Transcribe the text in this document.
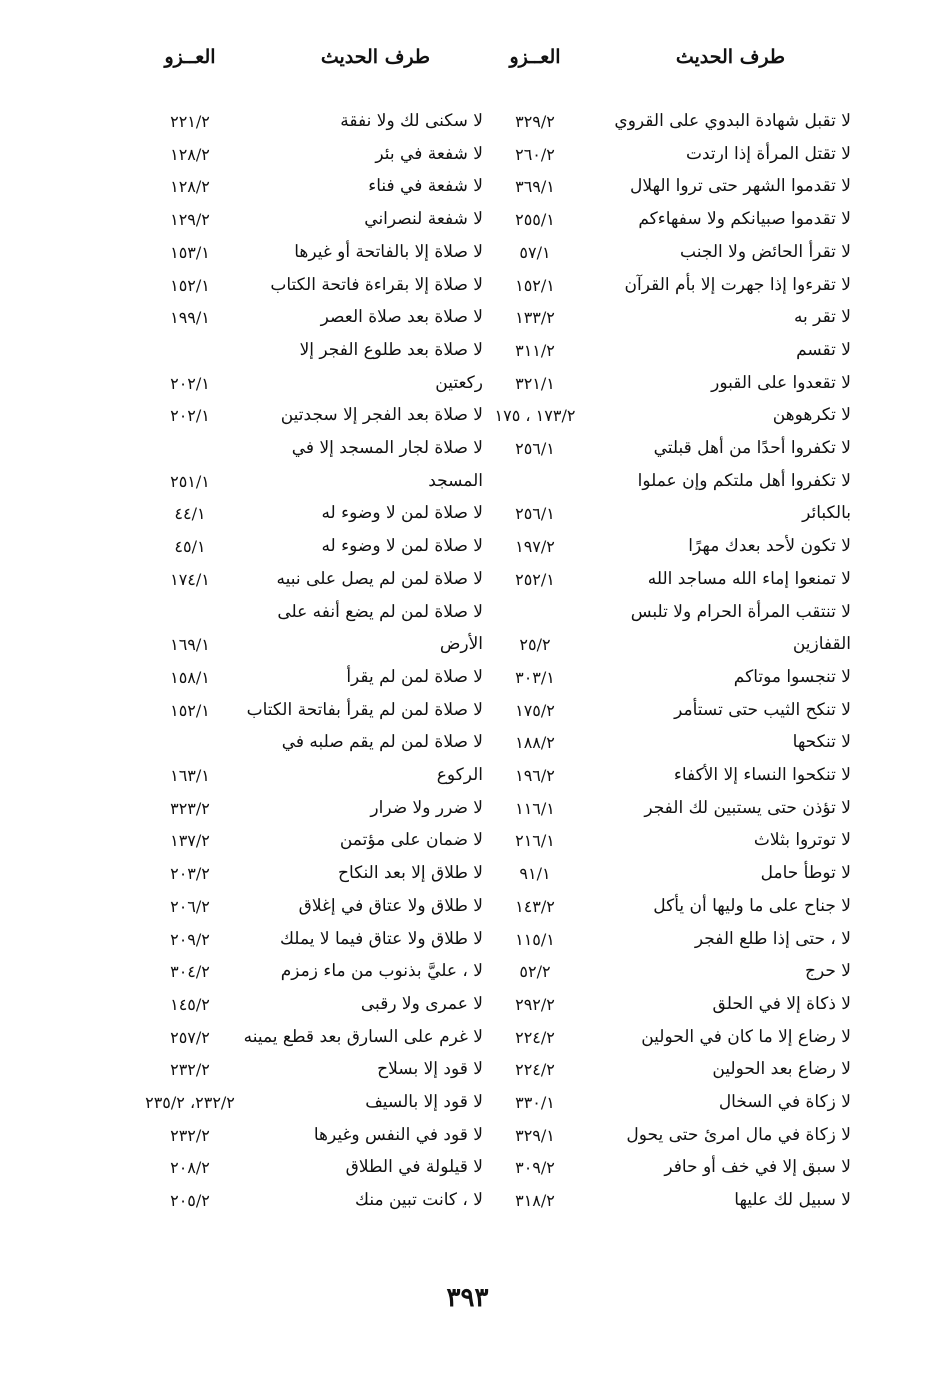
طرف الحديث
العــزو
طرف الحديث
العــزو
لا تقبل شهادة البدوي على القروي
٣٢٩/٢
لا سكنى لك ولا نفقة
٢٢١/٢
لا تقتل المرأة إذا ارتدت
٢٦٠/٢
لا شفعة في بئر
١٢٨/٢
لا تقدموا الشهر حتى تروا الهلال
٣٦٩/١
لا شفعة في فناء
١٢٨/٢
لا تقدموا صبيانكم ولا سفهاءكم
٢٥٥/١
لا شفعة لنصراني
١٢٩/٢
لا تقرأ الحائض ولا الجنب
٥٧/١
لا صلاة إلا بالفاتحة أو غيرها
١٥٣/١
لا تقرءوا إذا جهرت إلا بأم القرآن
١٥٢/١
لا صلاة إلا بقراءة فاتحة الكتاب
١٥٢/١
لا تقر به
١٣٣/٢
لا صلاة بعد صلاة العصر
١٩٩/١
لا تقسم
٣١١/٢
لا صلاة بعد طلوع الفجر إلا
لا تقعدوا على القبور
٣٢١/١
ركعتين
٢٠٢/١
لا تكرهوهن
١٧٣/٢ ، ١٧٥
لا صلاة بعد الفجر إلا سجدتين
٢٠٢/١
لا تكفروا أحدًا من أهل قبلتي
٢٥٦/١
لا صلاة لجار المسجد إلا في
لا تكفروا أهل ملتكم وإن عملوا
المسجد
٢٥١/١
بالكبائر
٢٥٦/١
لا صلاة لمن لا وضوء له
٤٤/١
لا تكون لأحد بعدك مهرًا
١٩٧/٢
لا صلاة لمن لا وضوء له
٤٥/١
لا تمنعوا إماء الله مساجد الله
٢٥٢/١
لا صلاة لمن لم يصل على نبيه
١٧٤/١
لا تنتقب المرأة الحرام ولا تلبس
لا صلاة لمن لم يضع أنفه على
القفازين
٢٥/٢
الأرض
١٦٩/١
لا تنجسوا موتاكم
٣٠٣/١
لا صلاة لمن لم يقرأ
١٥٨/١
لا تنكح الثيب حتى تستأمر
١٧٥/٢
لا صلاة لمن لم يقرأ بفاتحة الكتاب
١٥٢/١
لا تنكحها
١٨٨/٢
لا صلاة لمن لم يقم صلبه في
لا تنكحوا النساء إلا الأكفاء
١٩٦/٢
الركوع
١٦٣/١
لا تؤذن حتى يستبين لك الفجر
١١٦/١
لا ضرر ولا ضرار
٣٢٣/٢
لا توتروا بثلاث
٢١٦/١
لا ضمان على مؤتمن
١٣٧/٢
لا توطأ حامل
٩١/١
لا طلاق إلا بعد النكاح
٢٠٣/٢
لا جناح على ما وليها أن يأكل
١٤٣/٢
لا طلاق ولا عتاق في إغلاق
٢٠٦/٢
لا ، حتى إذا طلع الفجر
١١٥/١
لا طلاق ولا عتاق فيما لا يملك
٢٠٩/٢
لا حرج
٥٢/٢
لا ، عليَّ بذنوب من ماء زمزم
٣٠٤/٢
لا ذكاة إلا في الحلق
٢٩٢/٢
لا عمرى ولا رقبى
١٤٥/٢
لا رضاع إلا ما كان في الحولين
٢٢٤/٢
لا غرم على السارق بعد قطع يمينه
٢٥٧/٢
لا رضاع بعد الحولين
٢٢٤/٢
لا قود إلا بسلاح
٢٣٢/٢
لا زكاة في السخال
٣٣٠/١
لا قود إلا بالسيف
٢٣٢/٢، ٢٣٥/٢
لا زكاة في مال امرئ حتى يحول
٣٢٩/١
لا قود في النفس وغيرها
٢٣٢/٢
لا سبق إلا في خف أو حافر
٣٠٩/٢
لا قيلولة في الطلاق
٢٠٨/٢
لا سبيل لك عليها
٣١٨/٢
لا ، كانت تبين منك
٢٠٥/٢
٣٩٣
